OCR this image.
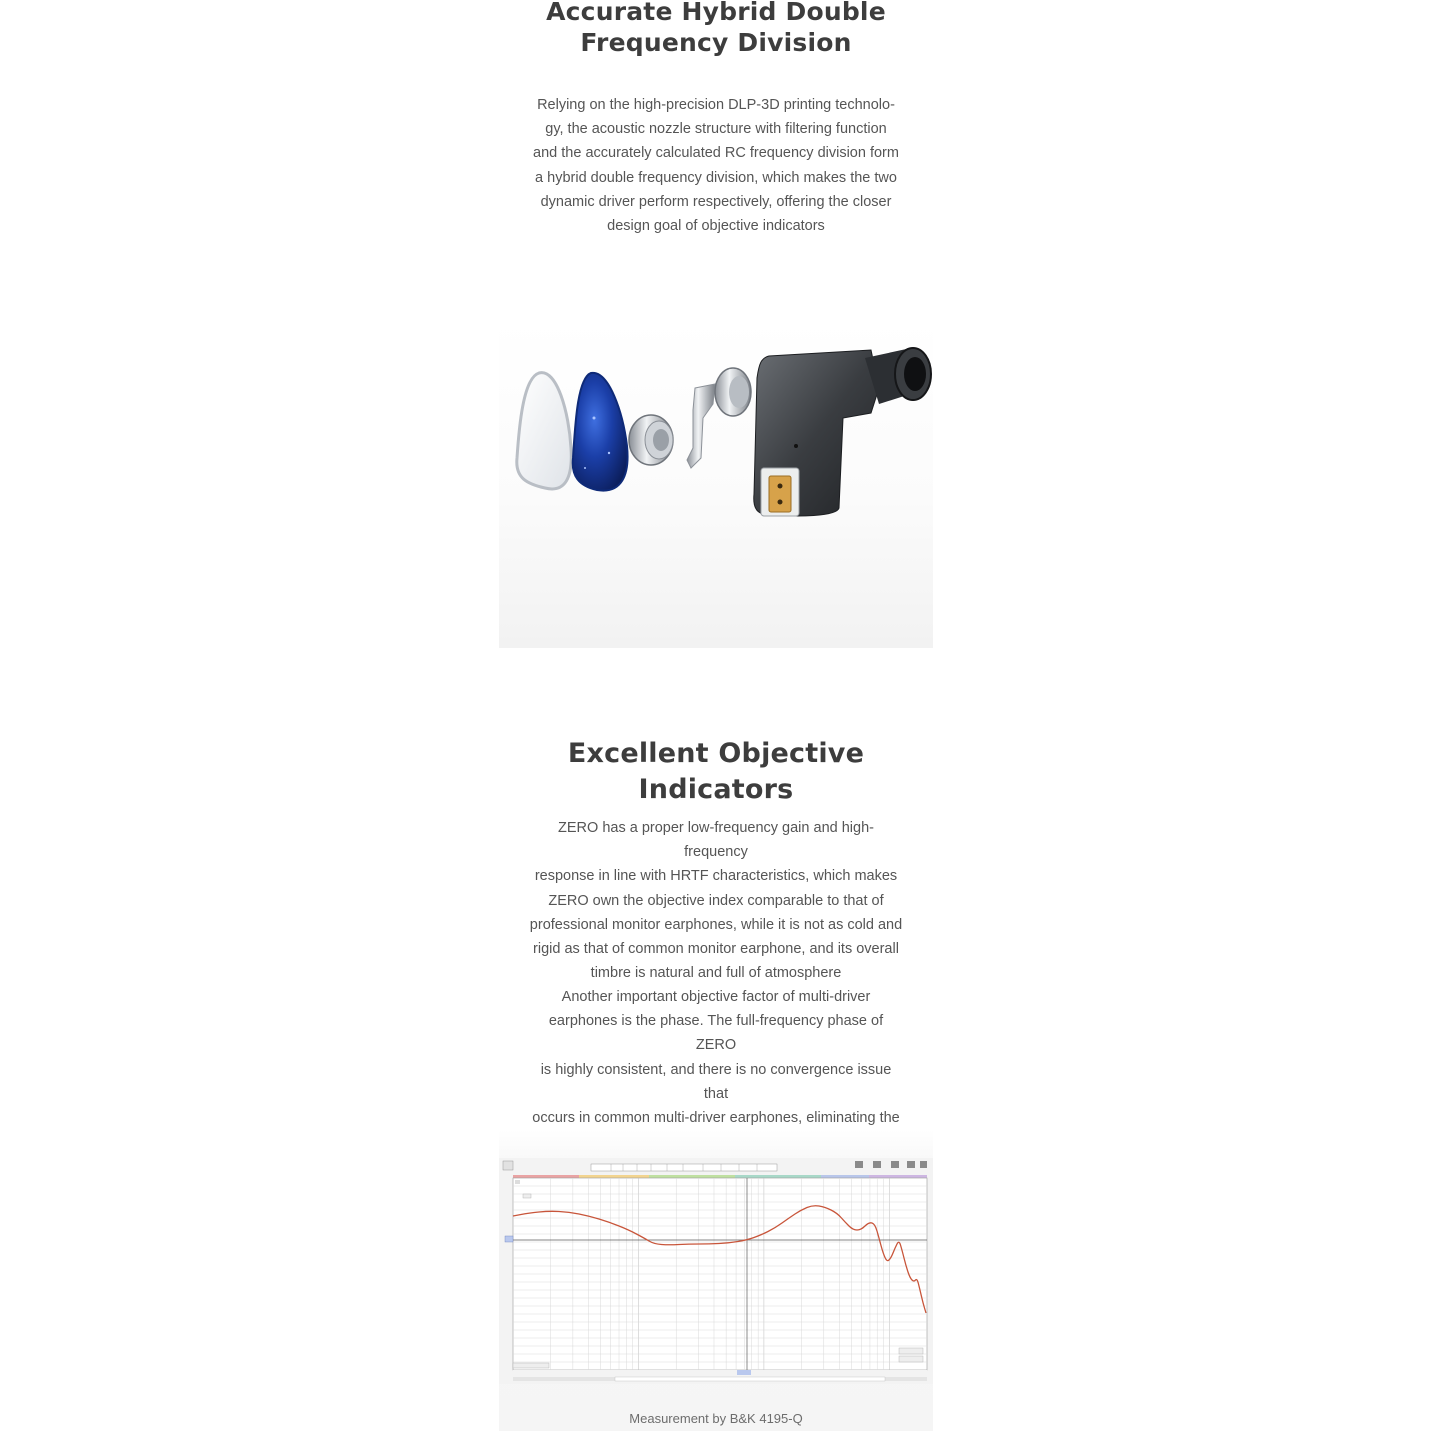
Accurate Hybrid Double
Frequency Division

Relying on the high-precision DLP-3D printing technolo-
gy, the acoustic nozzle structure with filtering function
and the accurately calculated RC frequency division form
a hybrid double frequency division, which makes the two
dynamic driver perform respectively, offering the closer
design goal of objective indicators

Excellent Objective Indicators

ZERO has a proper low-frequency gain and high-frequency
response in line with HRTF characteristics, which makes
ZERO own the objective index comparable to that of
professional monitor earphones, while it is not as cold and
rigid as that of common monitor earphone, and its overall
timbre is natural and full of atmosphere

Another important objective factor of multi-driver
earphones is the phase. The full-frequency phase of ZERO
is highly consistent, and there is no convergence issue that
occurs in common multi-driver earphones, eliminating the

Measurement by B&K 4195-Q
